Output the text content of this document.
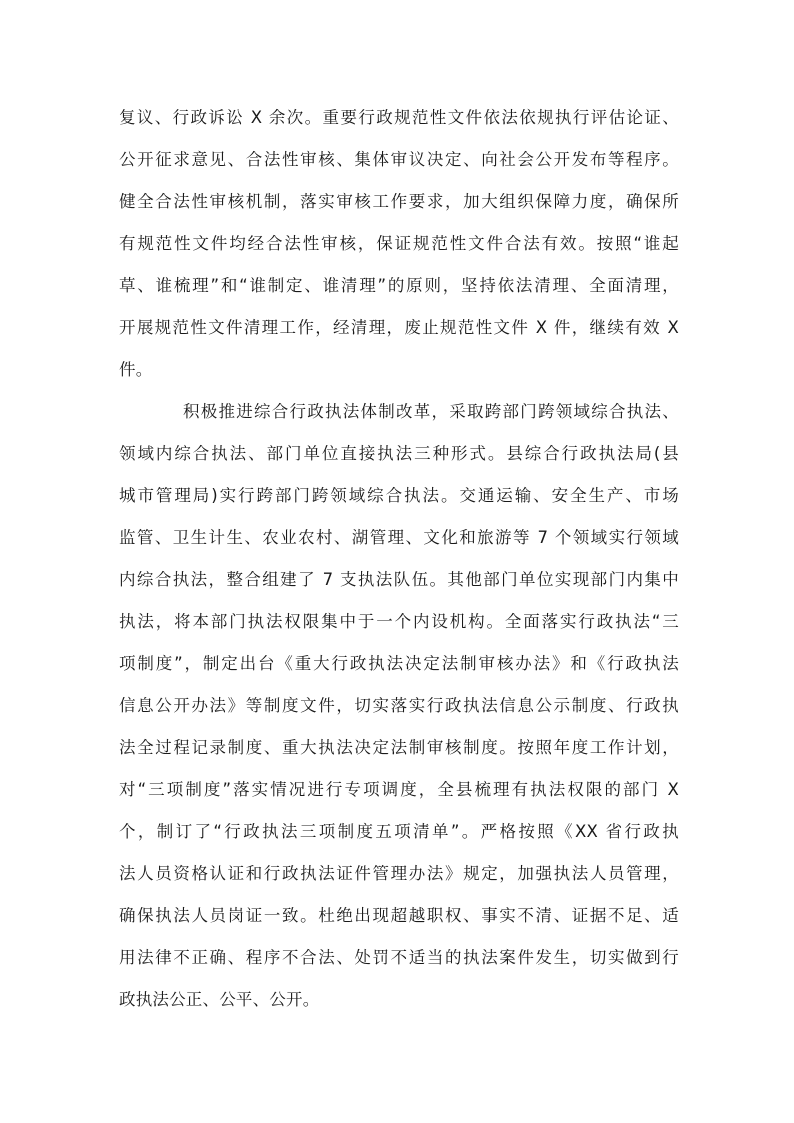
复议、行政诉讼 X 余次。重要行政规范性文件依法依规执行评估论证、
公开征求意见、合法性审核、集体审议决定、向社会公开发布等程序。
健全合法性审核机制，落实审核工作要求，加大组织保障力度，确保所
有规范性文件均经合法性审核，保证规范性文件合法有效。按照“谁起
草、谁梳理”和“谁制定、谁清理”的原则，坚持依法清理、全面清理，
开展规范性文件清理工作，经清理，废止规范性文件 X 件，继续有效 X
件。
积极推进综合行政执法体制改革，采取跨部门跨领域综合执法、
领域内综合执法、部门单位直接执法三种形式。县综合行政执法局(县
城市管理局)实行跨部门跨领域综合执法。交通运输、安全生产、市场
监管、卫生计生、农业农村、湖管理、文化和旅游等 7 个领域实行领域
内综合执法，整合组建了 7 支执法队伍。其他部门单位实现部门内集中
执法，将本部门执法权限集中于一个内设机构。全面落实行政执法“三
项制度”，制定出台《重大行政执法决定法制审核办法》和《行政执法
信息公开办法》等制度文件，切实落实行政执法信息公示制度、行政执
法全过程记录制度、重大执法决定法制审核制度。按照年度工作计划，
对“三项制度”落实情况进行专项调度，全县梳理有执法权限的部门 X
个，制订了“行政执法三项制度五项清单”。严格按照《XX 省行政执
法人员资格认证和行政执法证件管理办法》规定，加强执法人员管理，
确保执法人员岗证一致。杜绝出现超越职权、事实不清、证据不足、适
用法律不正确、程序不合法、处罚不适当的执法案件发生，切实做到行
政执法公正、公平、公开。
